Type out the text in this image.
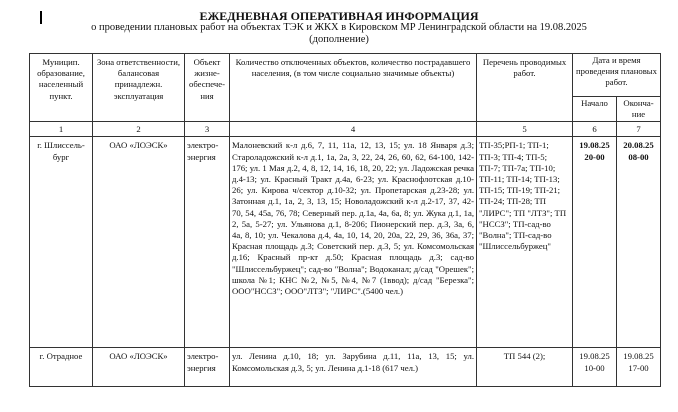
ЕЖЕДНЕВНАЯ ОПЕРАТИВНАЯ ИНФОРМАЦИЯ
о проведении плановых работ на объектах ТЭК и ЖКХ в Кировском МР Ленинградской области на 19.08.2025
(дополнение)
Муницип. образование, населенный пункт.	Зона ответственности, балансовая принадлежн. эксплуатация	Объект жизне-обеспече-ния	Количество отключенных объектов, количество пострадавшего населения, (в том числе социально значимые объекты)	Перечень проводимых работ.	Дата и время проведения плановых работ.	
					Начало	Оконча-ние
1	2	3	4	5	6	7
г. Шлиссель-бург	ОАО «ЛОЭСК»	электро-энергия	Малоневский к-л д.6, 7, 11, 11а, 12, 13, 15; ул. 18 Января д.3; Староладожский к-л д.1, 1а, 2а, 3, 22, 24, 26, 60, 62, 64-100, 142-176; ул. 1 Мая д.2, 4, 8, 12, 14, 16, 18, 20, 22; ул. Ладожская речка д.4-13; ул. Красный Тракт д.4а, 6-23; ул. Краснофлотская д.10-26; ул. Кирова ч/сектор д.10-32; ул. Пропетарская д.23-28; ул. Затонная д.1, 1а, 2, 3, 13, 15; Новоладожский к-л д.2-17, 37, 42-70, 54, 45а, 76, 78; Северный пер. д.1а, 4а, 6а, 8; ул. Жука д.1, 1а, 2, 5а, 5-27; ул. Ульянова д.1, 8-206; Пионерский пер. д.3, 3а, 6, 4а, 8, 10; ул. Чекалова д.4, 4а, 10, 14, 20, 20а, 22, 29, 36, 36а, 37; Красная площадь д.3; Советский пер. д.3, 5; ул. Комсомольская д.16; Красный пр-кт д.50; Красная площадь д.3; сад-во "Шлиссельбуржец"; сад-во "Волна"; Водоканал; д/сад "Орешек"; школа №1; КНС №2, №5, №4, №7 (1ввод); д/сад "Березка"; ООО"НССЗ"; ООО"ЛТЗ"; "ЛИРС".(5400 чел.)	ТП-35;РП-1; ТП-1; ТП-3; ТП-4; ТП-5; ТП-7; ТП-7а; ТП-10; ТП-11; ТП-14; ТП-13; ТП-15; ТП-19; ТП-21; ТП-24; ТП-28; ТП "ЛИРС"; ТП "ЛТЗ"; ТП "НССЗ"; ТП-сад-во "Волна"; ТП-сад-во "Шлиссельбуржец"	19.08.25 20-00	20.08.25 08-00
г. Отрадное	ОАО «ЛОЭСК»	электро-энергия	ул. Ленина д.10, 18; ул. Зарубина д.11, 11а, 13, 15; ул. Комсомольская д.3, 5; ул. Ленина д.1-18 (617 чел.)	ТП 544 (2);	19.08.25 10-00	19.08.25 17-00
